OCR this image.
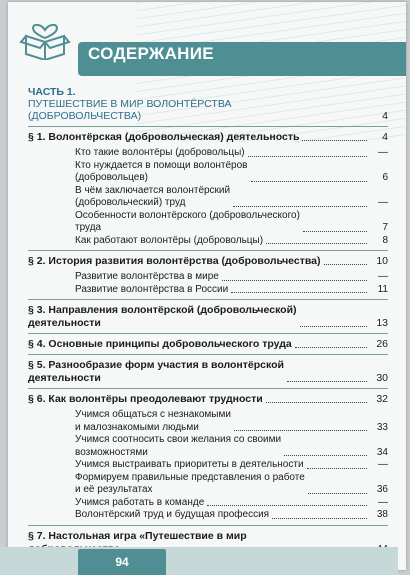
СОДЕРЖАНИЕ
ЧАСТЬ 1.
ПУТЕШЕСТВИЕ В МИР ВОЛОНТЁРСТВА
(ДОБРОВОЛЬЧЕСТВА)	4
§ 1. Волонтёрская (добровольческая) деятельность	4
Кто такие волонтёры (добровольцы)	—
Кто нуждается в помощи волонтёров
(добровольцев)	6
В чём заключается волонтёрский
(добровольческий) труд	—
Особенности волонтёрского (добровольческого)
труда	7
Как работают волонтёры (добровольцы)	8
§ 2. История развития волонтёрства (добровольчества)	10
Развитие волонтёрства в мире	—
Развитие волонтёрства в России	11
§ 3. Направления волонтёрской (добровольческой)
деятельности	13
§ 4. Основные принципы добровольческого труда	26
§ 5. Разнообразие форм участия в волонтёрской
деятельности	30
§ 6. Как волонтёры преодолевают трудности	32
Учимся общаться с незнакомыми
и малознакомыми людьми	33
Учимся соотносить свои желания со своими
возможностями	34
Учимся выстраивать приоритеты в деятельности	—
Формируем правильные представления о работе
и её результатах	36
Учимся работать в команде	—
Волонтёрский труд и будущая профессия	38
§ 7. Настольная игра «Путешествие в мир

94
